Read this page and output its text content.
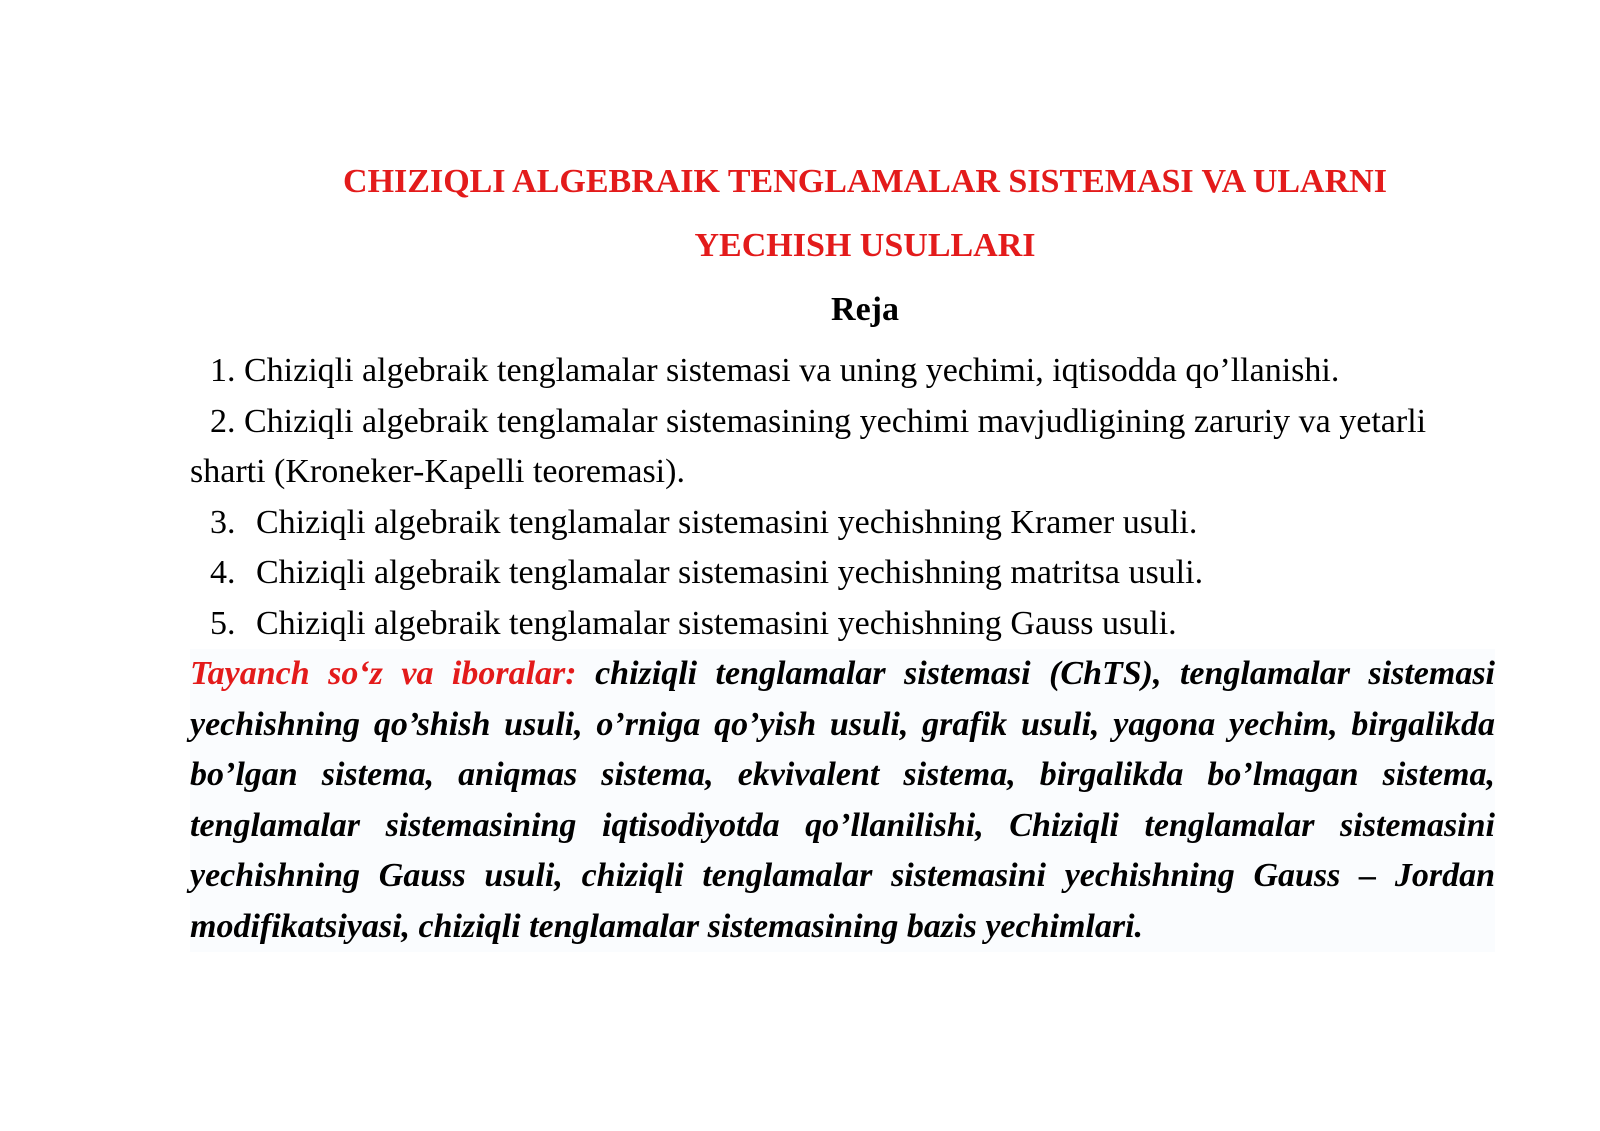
CHIZIQLI ALGEBRAIK TENGLAMALAR SISTEMASI VA ULARNI
YECHISH USULLARI
Reja
1. Chiziqli algebraik tenglamalar sistemasi va uning yechimi, iqtisodda qo’llanishi.
2. Chiziqli algebraik tenglamalar sistemasining yechimi mavjudligining zaruriy va yetarli sharti (Kroneker-Kapelli teoremasi).
3. Chiziqli algebraik tenglamalar sistemasini yechishning Kramer usuli.
4. Chiziqli algebraik tenglamalar sistemasini yechishning matritsa usuli.
5. Chiziqli algebraik tenglamalar sistemasini yechishning Gauss usuli.

Tayanch so‘z va iboralar: chiziqli tenglamalar sistemasi (ChTS), tenglamalar sistemasi yechishning qo’shish usuli, o’rniga qo’yish usuli, grafik usuli, yagona yechim, birgalikda bo’lgan sistema, aniqmas sistema, ekvivalent sistema, birgalikda bo’lmagan sistema, tenglamalar sistemasining iqtisodiyotda qo’llanilishi, Chiziqli tenglamalar sistemasini yechishning Gauss usuli, chiziqli tenglamalar sistemasini yechishning Gauss – Jordan modifikatsiyasi, chiziqli tenglamalar sistemasining bazis yechimlari.
